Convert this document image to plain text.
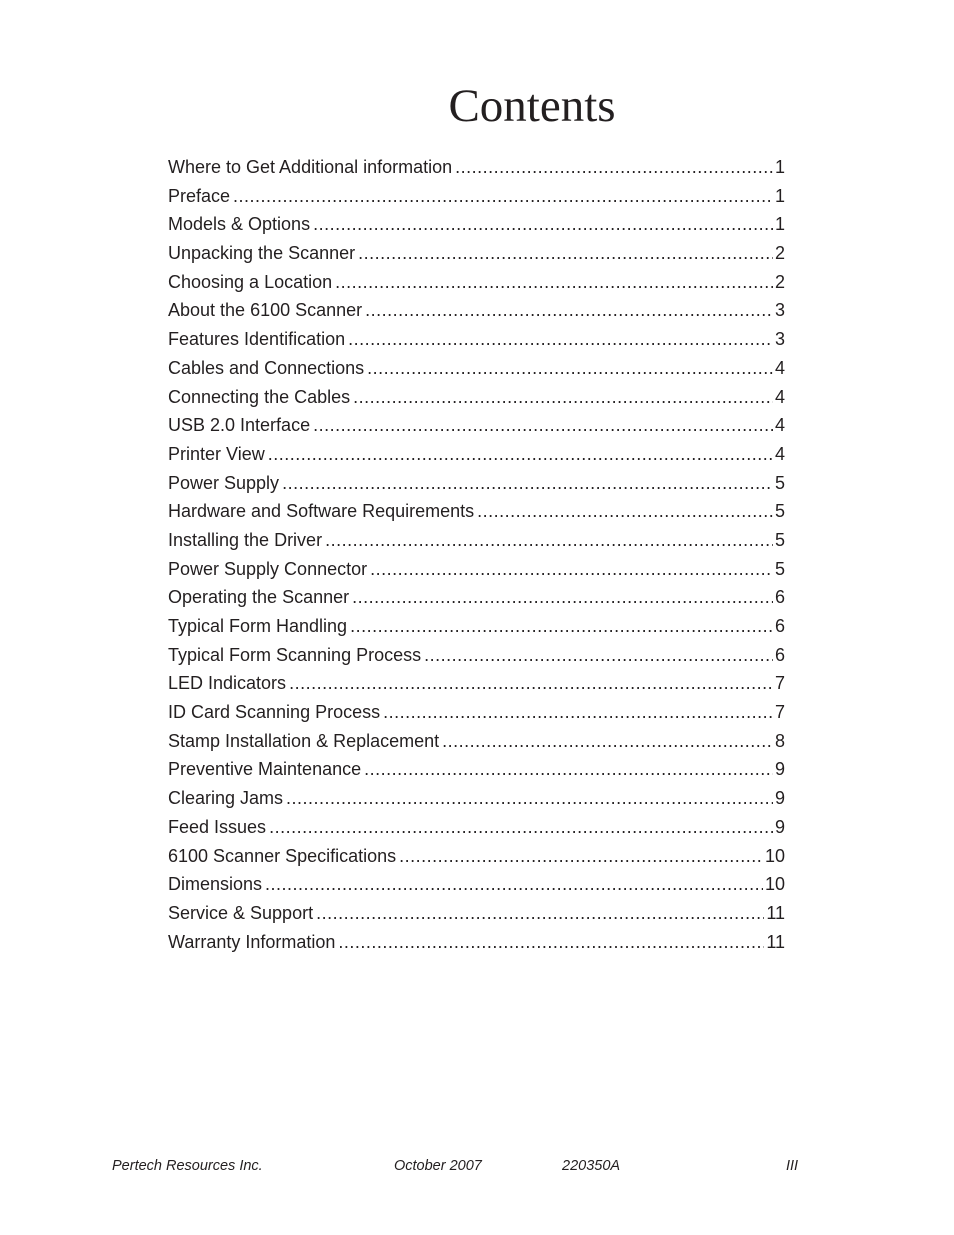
Contents
Where to Get Additional information .....	1
Preface .....	1
Models & Options .....	1
Unpacking the Scanner .....	2
Choosing a Location .....	2
About the 6100 Scanner .....	3
Features Identification .....	3
Cables and Connections .....	4
Connecting the Cables .....	4
USB 2.0 Interface .....	4
Printer View .....	4
Power Supply .....	5
Hardware and Software Requirements .....	5
Installing the Driver .....	5
Power Supply Connector .....	5
Operating the Scanner .....	6
Typical Form Handling .....	6
Typical Form Scanning Process .....	6
LED Indicators .....	7
ID Card Scanning Process .....	7
Stamp Installation & Replacement .....	8
Preventive Maintenance .....	9
Clearing Jams .....	9
Feed Issues .....	9
6100 Scanner Specifications .....	10
Dimensions .....	10
Service & Support .....	11
Warranty Information .....	11
Pertech Resources Inc.	October 2007	220350A	III
